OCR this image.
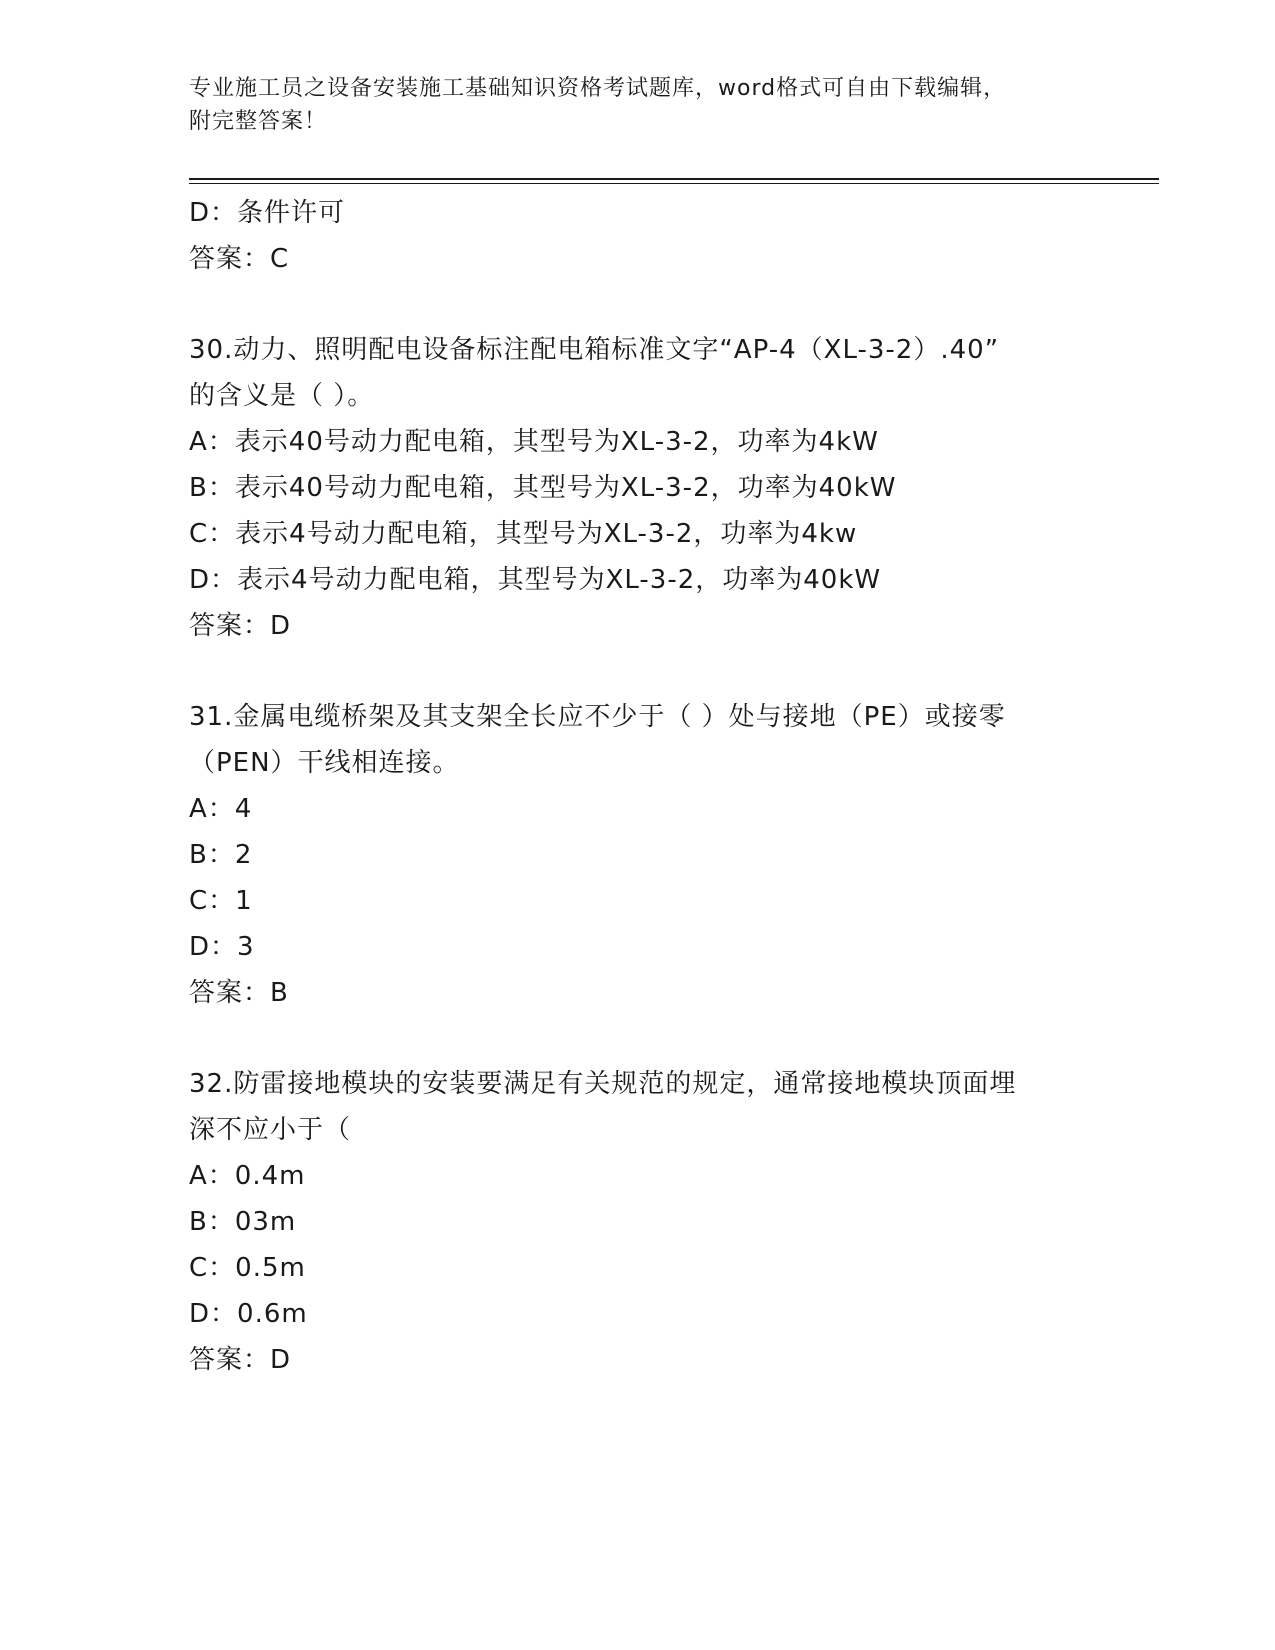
专业施工员之设备安装施工基础知识资格考试题库，word格式可自由下载编辑，
附完整答案！
D：条件许可
答案：C
30.动力、照明配电设备标注配电箱标准文字“AP-4（XL-3-2）.40”
的含义是（ ）。
A：表示40号动力配电箱，其型号为XL-3-2，功率为4kW
B：表示40号动力配电箱，其型号为XL-3-2，功率为40kW
C：表示4号动力配电箱，其型号为XL-3-2，功率为4kw
D：表示4号动力配电箱，其型号为XL-3-2，功率为40kW
答案：D
31.金属电缆桥架及其支架全长应不少于（ ）处与接地（PE）或接零
（PEN）干线相连接。
A：4
B：2
C：1
D：3
答案：B
32.防雷接地模块的安装要满足有关规范的规定，通常接地模块顶面埋
深不应小于（
A：0.4m
B：03m
C：0.5m
D：0.6m
答案：D
